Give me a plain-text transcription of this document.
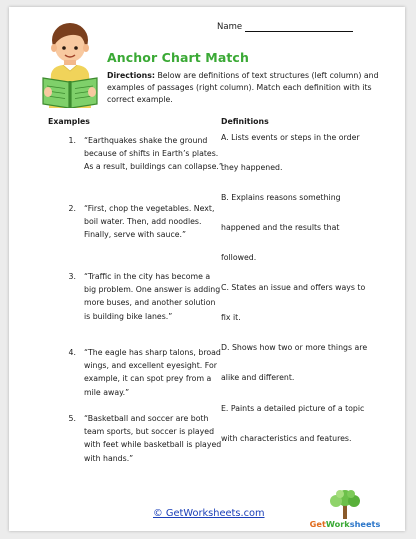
Name
Anchor Chart Match
Directions: Below are definitions of text structures (left column) and examples of passages (right column). Match each definition with its correct example.
Examples	Definitions
1. “Earthquakes shake the ground because of shifts in Earth’s plates. As a result, buildings can collapse.”
2. “First, chop the vegetables. Next, boil water. Then, add noodles. Finally, serve with sauce.”
3. “Traffic in the city has become a big problem. One answer is adding more buses, and another solution is building bike lanes.”
4. “The eagle has sharp talons, broad wings, and excellent eyesight. For example, it can spot prey from a mile away.”
5. “Basketball and soccer are both team sports, but soccer is played with feet while basketball is played with hands.”
A. Lists events or steps in the order
they happened.
B. Explains reasons something
happened and the results that
followed.
C. States an issue and offers ways to
fix it.
D. Shows how two or more things are
alike and different.
E. Paints a detailed picture of a topic
with characteristics and features.
© GetWorksheets.com
GetWorksheets
